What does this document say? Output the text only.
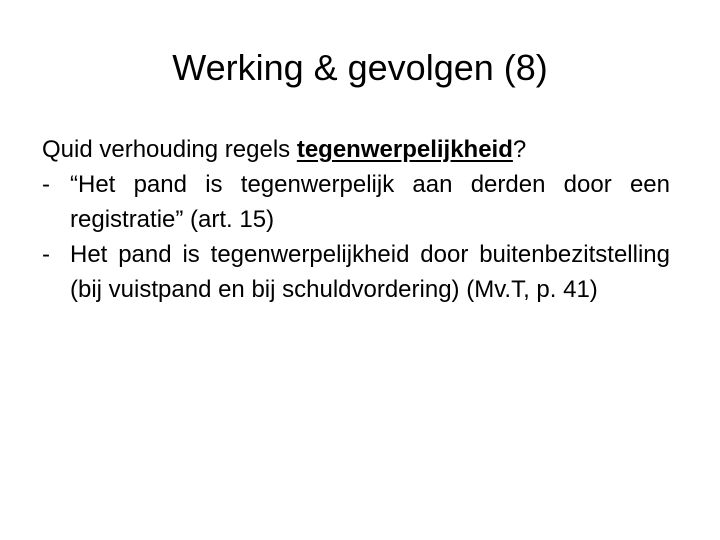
Werking & gevolgen (8)

Quid verhouding regels tegenwerpelijkheid?

- “Het pand is tegenwerpelijk aan derden door een registratie” (art. 15)
- Het pand is tegenwerpelijkheid door buitenbezitstelling (bij vuistpand en bij schuldvordering) (Mv.T, p. 41)
